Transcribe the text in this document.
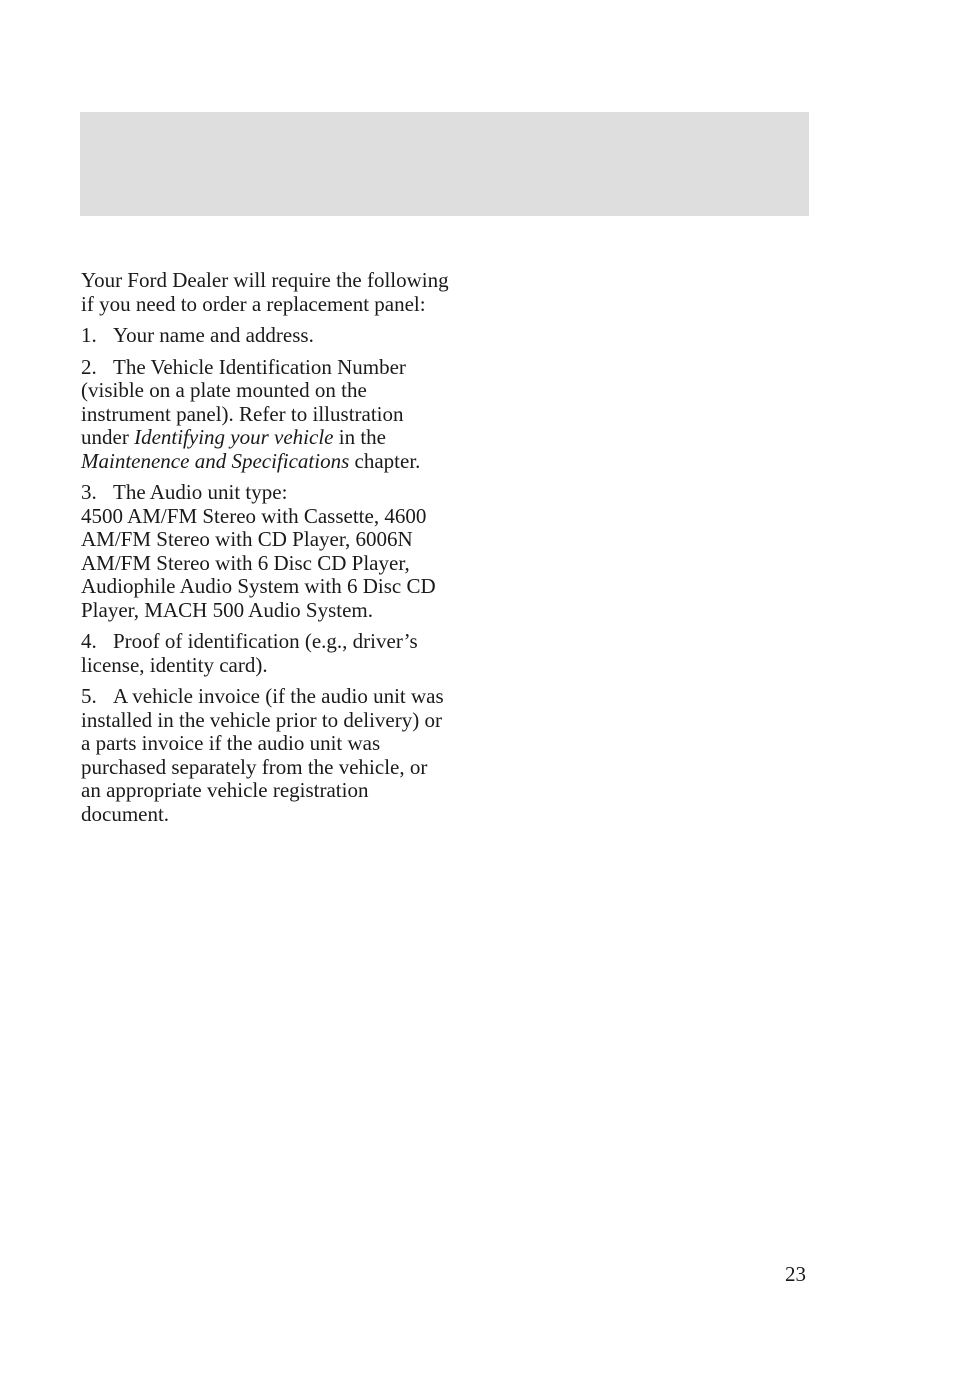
Your Ford Dealer will require the following if you need to order a replacement panel:

1. Your name and address.

2. The Vehicle Identification Number (visible on a plate mounted on the instrument panel). Refer to illustration under Identifying your vehicle in the Maintenence and Specifications chapter.

3. The Audio unit type:
4500 AM/FM Stereo with Cassette, 4600 AM/FM Stereo with CD Player, 6006N AM/FM Stereo with 6 Disc CD Player, Audiophile Audio System with 6 Disc CD Player, MACH 500 Audio System.

4. Proof of identification (e.g., driver’s license, identity card).

5. A vehicle invoice (if the audio unit was installed in the vehicle prior to delivery) or a parts invoice if the audio unit was purchased separately from the vehicle, or an appropriate vehicle registration document.

23
